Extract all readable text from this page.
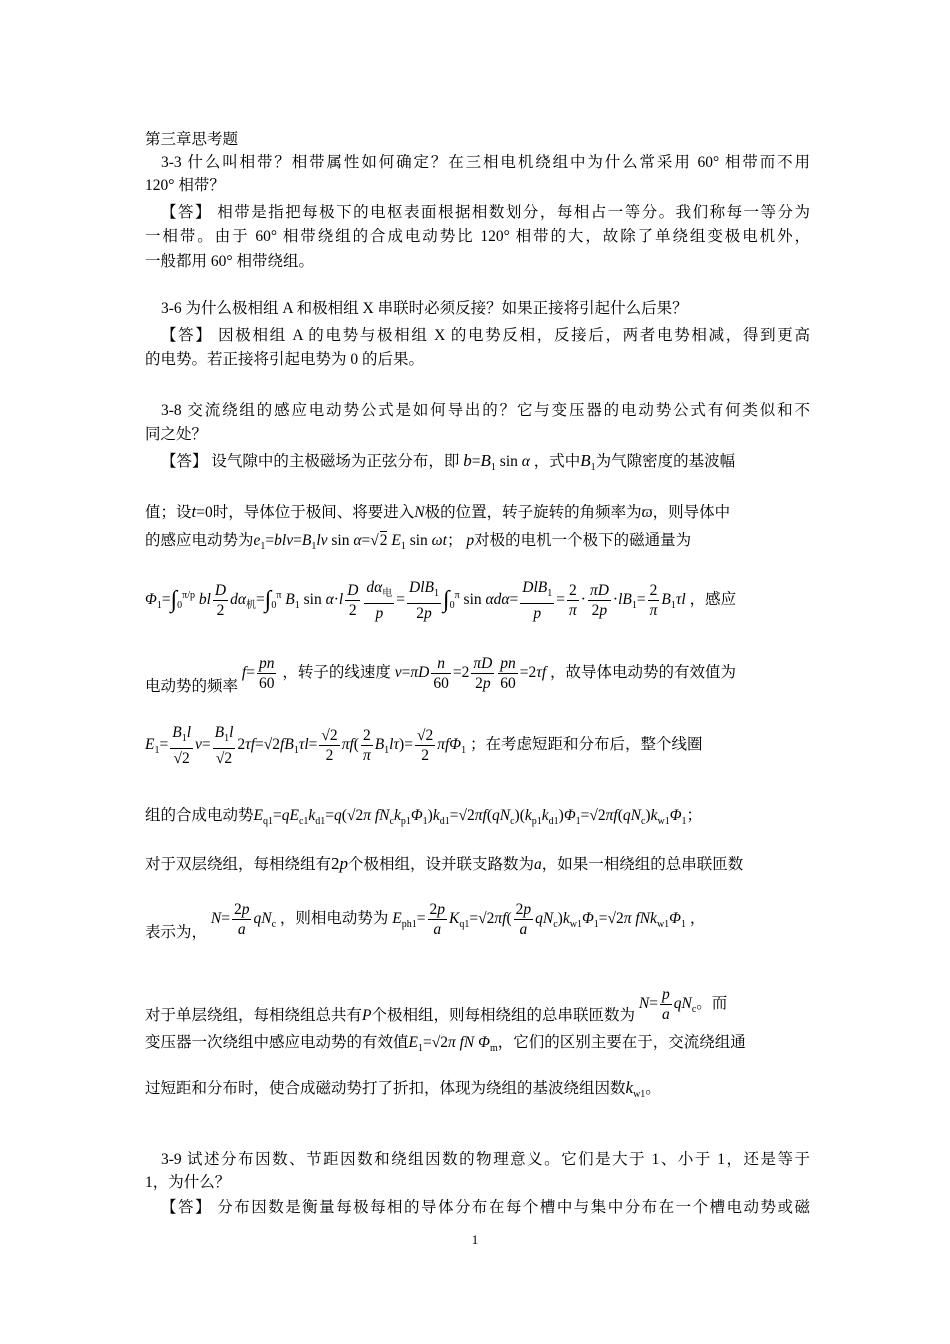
第三章思考题
3-3 什么叫相带？相带属性如何确定？在三相电机绕组中为什么常采用 60° 相带而不用
120° 相带？
【答】 相带是指把每极下的电枢表面根据相数划分，每相占一等分。我们称每一等分为
一相带。由于 60° 相带绕组的合成电动势比 120° 相带的大，故除了单绕组变极电机外，
一般都用 60° 相带绕组。
3-6 为什么极相组 A 和极相组 X 串联时必须反接？如果正接将引起什么后果？
【答】 因极相组 A 的电势与极相组 X 的电势反相，反接后，两者电势相减，得到更高
的电势。若正接将引起电势为 0 的后果。
3-8 交流绕组的感应电动势公式是如何导出的？它与变压器的电动势公式有何类似和不
同之处？
【答】 设气隙中的主极磁场为正弦分布，即 $b=B_1$ sin α ，式中$B_1$为气隙密度的基波幅
值；设t=0时，导体位于极间、将要进入N极的位置，转子旋转的角频率为ϖ，则导体中
的感应电动势为$e_1=blv=B_1lv$ sin α=√2 $E_1$ sin ωt； p对极的电机一个极下的磁通量为
$\Phi_1=\int_0^{\pi/p}$ bl $\frac{D}{2} d\alpha_机=\int_0^\pi$ $B_1$ $\sin \alpha\cdot l \frac{D}{2} \frac{d\alpha_电}{p} = \frac{DlB_1}{2p} \int_0^\pi$ $\sin \alpha d\alpha= \frac{DlB_1}{p} = \frac{2}{\pi} \cdot \frac{\pi D}{2p} \cdot lB_1= \frac{2}{\pi} B_1\tau l$ ，感应
电动势的频率 $f= \frac{pn}{60}$ ，转子的线速度 $v=\pi D \frac{n}{60} =2 \frac{\pi D}{2p} \frac{pn}{60} =2\tau f$ ，故导体电动势的有效值为
$E_1= \frac{B_1l}{√2} v= \frac{B_1l}{√2} 2\tau f=√2fB_1\tau l= \frac{√2}{2} \pi f( \frac{2}{\pi} B_1l\tau)= \frac{√2}{2} \pi f\Phi_1$ ；在考虑短距和分布后，整个线圈
组的合成电动势$E_{q1}=qE_{c1}k_{d1}=q(√2\pi$ $fN_ck_{p1}\Phi_1)k_{d1}=√2\pi f(qN_c)(k_{p1}k_{d1})\Phi_1=√2\pi f(qN_c)k_{w1}\Phi_1$；
对于双层绕组，每相绕组有2p个极相组，设并联支路数为a，如果一相绕组的总串联匝数
表示为， $N= \frac{2p}{a} qN_c$ ，则相电动势为 $E_{ph1}= \frac{2p}{a} K_{q1}=√2\pi f( \frac{2p}{a} qN_c)k_{w1}\Phi_1=√2\pi$ $fNk_{w1}\Phi_1$ ，
对于单层绕组，每相绕组总共有P个极相组，则每相绕组的总串联匝数为 $N= \frac{p}{a} qN_c$。而
变压器一次绕组中感应电动势的有效值$E_1=√2\pi$ fN $\Phi_m$，它们的区别主要在于，交流绕组通
过短距和分布时，使合成磁动势打了折扣，体现为绕组的基波绕组因数$k_{w1}$。
3-9 试述分布因数、节距因数和绕组因数的物理意义。它们是大于 1、小于 1，还是等于
1，为什么？
【答】 分布因数是衡量每极每相的导体分布在每个槽中与集中分布在一个槽电动势或磁
1
